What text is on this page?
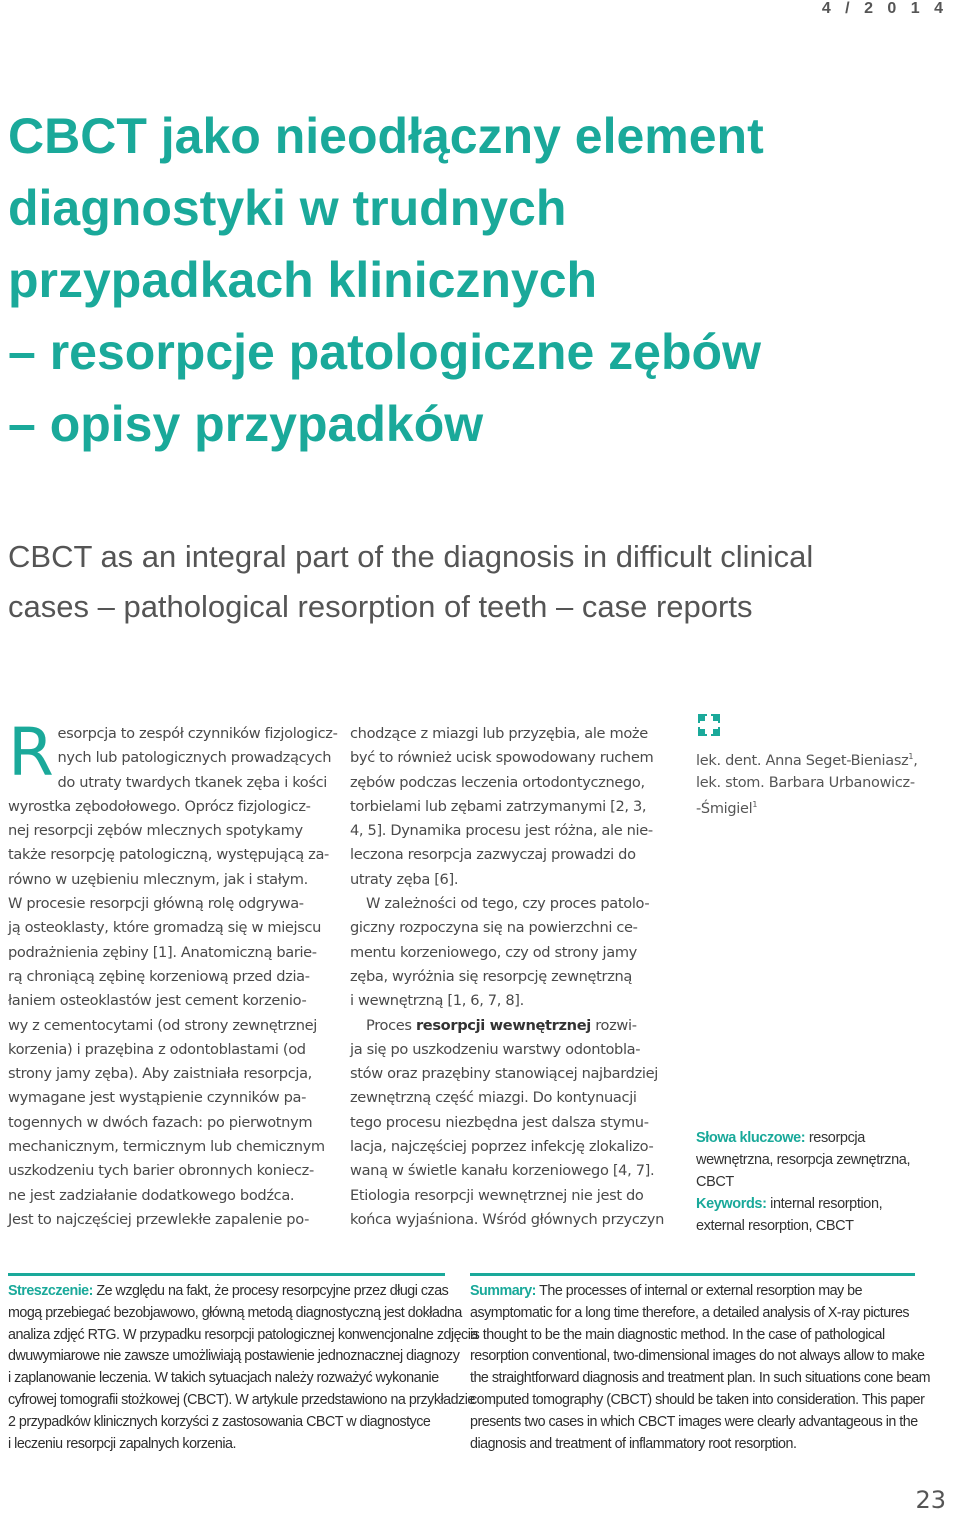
4 / 2 0 1 4
CBCT jako nieodłączny element
diagnostyki w trudnych
przypadkach klinicznych
– resorpcje patologiczne zębów
– opisy przypadków
CBCT as an integral part of the diagnosis in difficult clinical
cases – pathological resorption of teeth – case reports
R esorpcja to zespół czynników fizjologicz-
nych lub patologicznych prowadzących
do utraty twardych tkanek zęba i kości
wyrostka zębodołowego. Oprócz fizjologicz-
nej resorpcji zębów mlecznych spotykamy
także resorpcję patologiczną, występującą za-
równo w uzębieniu mlecznym, jak i stałym.
W procesie resorpcji główną rolę odgrywa-
ją osteoklasty, które gromadzą się w miejscu
podrażnienia zębiny [1]. Anatomiczną barie-
rą chroniącą zębinę korzeniową przed dzia-
łaniem osteoklastów jest cement korzenio-
wy z cementocytami (od strony zewnętrznej
korzenia) i prazębina z odontoblastami (od
strony jamy zęba). Aby zaistniała resorpcja,
wymagane jest wystąpienie czynników pa-
togennych w dwóch fazach: po pierwotnym
mechanicznym, termicznym lub chemicznym
uszkodzeniu tych barier obronnych koniecz-
ne jest zadziałanie dodatkowego bodźca.
Jest to najczęściej przewlekłe zapalenie po-
chodzące z miazgi lub przyzębia, ale może
być to również ucisk spowodowany ruchem
zębów podczas leczenia ortodontycznego,
torbielami lub zębami zatrzymanymi [2, 3,
4, 5]. Dynamika procesu jest różna, ale nie-
leczona resorpcja zazwyczaj prowadzi do
utraty zęba [6].
W zależności od tego, czy proces patolo-
giczny rozpoczyna się na powierzchni ce-
mentu korzeniowego, czy od strony jamy
zęba, wyróżnia się resorpcję zewnętrzną
i wewnętrzną [1, 6, 7, 8].
Proces resorpcji wewnętrznej rozwi-
ja się po uszkodzeniu warstwy odontobla-
stów oraz prazębiny stanowiącej najbardziej
zewnętrzną część miazgi. Do kontynuacji
tego procesu niezbędna jest dalsza stymu-
lacja, najczęściej poprzez infekcję zlokalizo-
waną w świetle kanału korzeniowego [4, 7].
Etiologia resorpcji wewnętrznej nie jest do
końca wyjaśniona. Wśród głównych przyczyn
lek. dent. Anna Seget-Bieniasz$^1$,
lek. stom. Barbara Urbanowicz-
-Śmigiel$^1$
Słowa kluczowe: resorpcja
wewnętrzna, resorpcja zewnętrzna,
CBCT
Keywords: internal resorption,
external resorption, CBCT
Streszczenie: Ze względu na fakt, że procesy resorpcyjne przez długi czas
mogą przebiegać bezobjawowo, główną metodą diagnostyczną jest dokładna
analiza zdjęć RTG. W przypadku resorpcji patologicznej konwencjonalne zdjęcia
dwuwymiarowe nie zawsze umożliwiają postawienie jednoznacznej diagnozy
i zaplanowanie leczenia. W takich sytuacjach należy rozważyć wykonanie
cyfrowej tomografii stożkowej (CBCT). W artykule przedstawiono na przykładzie
2 przypadków klinicznych korzyści z zastosowania CBCT w diagnostyce
i leczeniu resorpcji zapalnych korzenia.
Summary: The processes of internal or external resorption may be
asymptomatic for a long time therefore, a detailed analysis of X-ray pictures
is thought to be the main diagnostic method. In the case of pathological
resorption conventional, two-dimensional images do not always allow to make
the straightforward diagnosis and treatment plan. In such situations cone beam
computed tomography (CBCT) should be taken into consideration. This paper
presents two cases in which CBCT images were clearly advantageous in the
diagnosis and treatment of inflammatory root resorption.
23
